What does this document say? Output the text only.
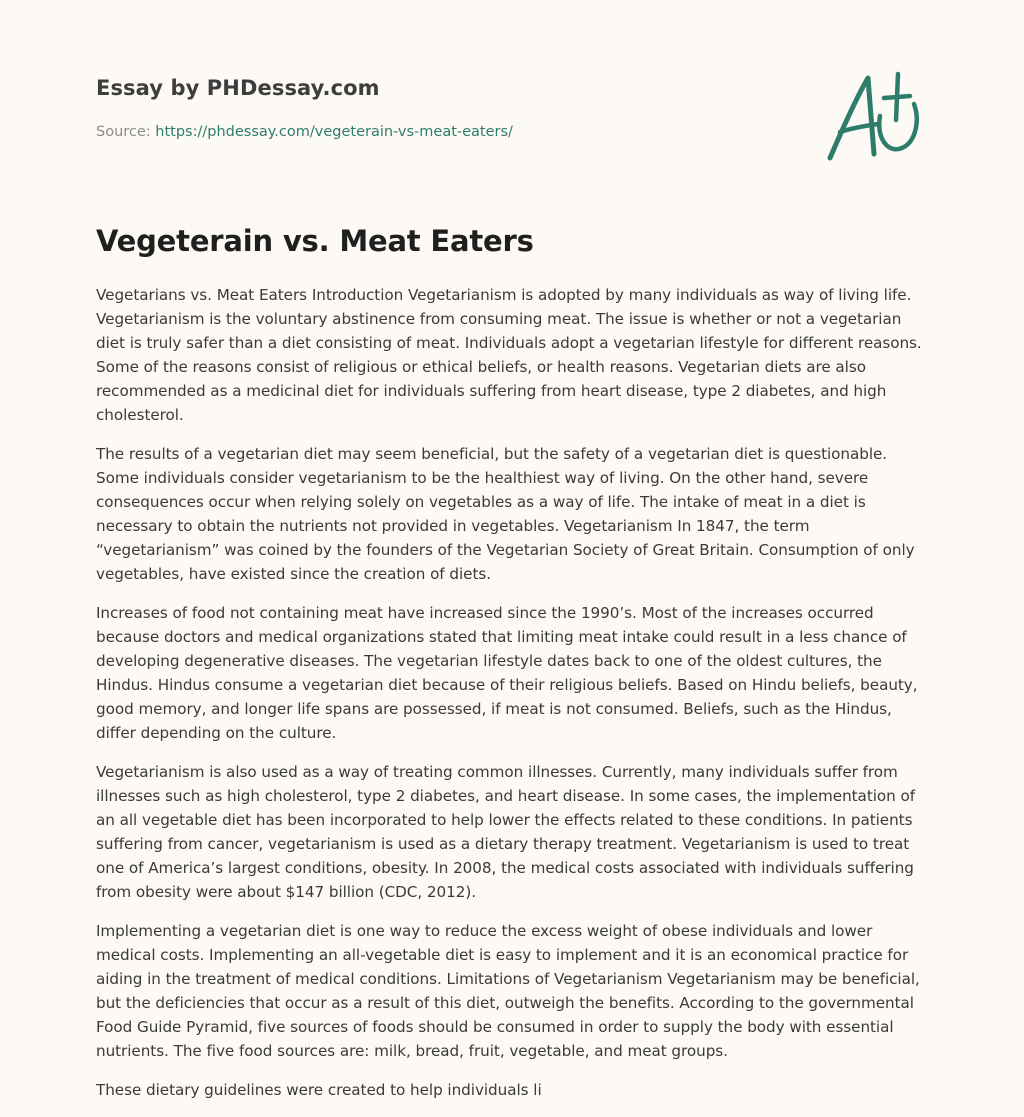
Essay by PHDessay.com
Source: https://phdessay.com/vegeterain-vs-meat-eaters/
Vegeterain vs. Meat Eaters

Vegetarians vs. Meat Eaters Introduction Vegetarianism is adopted by many individuals as way of living life. Vegetarianism is the voluntary abstinence from consuming meat. The issue is whether or not a vegetarian diet is truly safer than a diet consisting of meat. Individuals adopt a vegetarian lifestyle for different reasons. Some of the reasons consist of religious or ethical beliefs, or health reasons. Vegetarian diets are also recommended as a medicinal diet for individuals suffering from heart disease, type 2 diabetes, and high cholesterol.

The results of a vegetarian diet may seem beneficial, but the safety of a vegetarian diet is questionable. Some individuals consider vegetarianism to be the healthiest way of living. On the other hand, severe consequences occur when relying solely on vegetables as a way of life. The intake of meat in a diet is necessary to obtain the nutrients not provided in vegetables. Vegetarianism In 1847, the term “vegetarianism” was coined by the founders of the Vegetarian Society of Great Britain. Consumption of only vegetables, have existed since the creation of diets.

Increases of food not containing meat have increased since the 1990’s. Most of the increases occurred because doctors and medical organizations stated that limiting meat intake could result in a less chance of developing degenerative diseases. The vegetarian lifestyle dates back to one of the oldest cultures, the Hindus. Hindus consume a vegetarian diet because of their religious beliefs. Based on Hindu beliefs, beauty, good memory, and longer life spans are possessed, if meat is not consumed. Beliefs, such as the Hindus, differ depending on the culture.

Vegetarianism is also used as a way of treating common illnesses. Currently, many individuals suffer from illnesses such as high cholesterol, type 2 diabetes, and heart disease. In some cases, the implementation of an all vegetable diet has been incorporated to help lower the effects related to these conditions. In patients suffering from cancer, vegetarianism is used as a dietary therapy treatment. Vegetarianism is used to treat one of America’s largest conditions, obesity. In 2008, the medical costs associated with individuals suffering from obesity were about $147 billion (CDC, 2012).

Implementing a vegetarian diet is one way to reduce the excess weight of obese individuals and lower medical costs. Implementing an all-vegetable diet is easy to implement and it is an economical practice for aiding in the treatment of medical conditions. Limitations of Vegetarianism Vegetarianism may be beneficial, but the deficiencies that occur as a result of this diet, outweigh the benefits. According to the governmental Food Guide Pyramid, five sources of foods should be consumed in order to supply the body with essential nutrients. The five food sources are: milk, bread, fruit, vegetable, and meat groups.

These dietary guidelines were created to help individuals li
